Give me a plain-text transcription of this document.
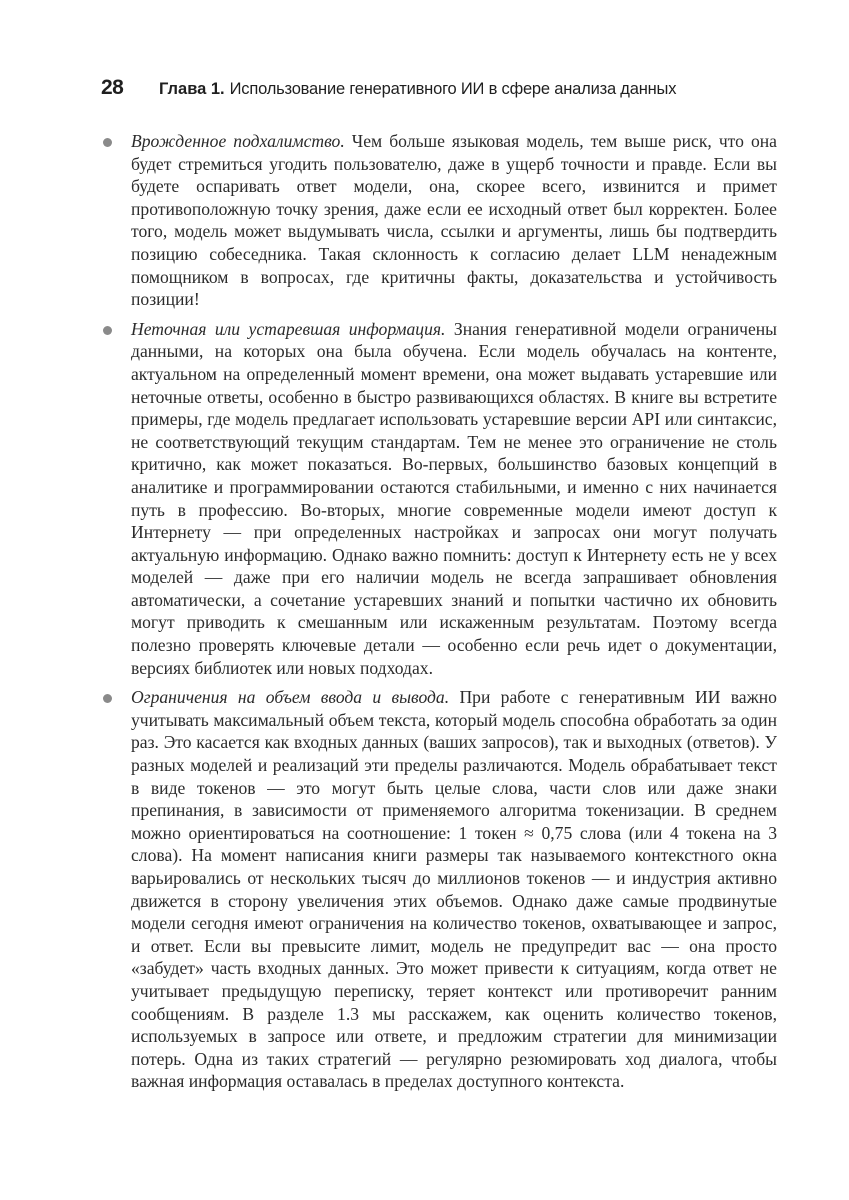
28	Глава 1. Использование генеративного ИИ в сфере анализа данных
Врожденное подхалимство. Чем больше языковая модель, тем выше риск, что она будет стремиться угодить пользователю, даже в ущерб точности и правде. Если вы будете оспаривать ответ модели, она, скорее всего, извинится и примет противоположную точку зрения, даже если ее исходный ответ был корректен. Более того, модель может выдумывать числа, ссылки и аргументы, лишь бы подтвердить позицию собеседника. Такая склонность к согласию делает LLM ненадежным помощником в вопросах, где критичны факты, доказательства и устойчивость позиции!
Неточная или устаревшая информация. Знания генеративной модели ограничены данными, на которых она была обучена. Если модель обучалась на контенте, актуальном на определенный момент времени, она может выдавать устаревшие или неточные ответы, особенно в быстро развивающихся областях. В книге вы встретите примеры, где модель предлагает использовать устаревшие версии API или синтаксис, не соответствующий текущим стандартам. Тем не менее это ограничение не столь критично, как может показаться. Во-первых, большинство базовых концепций в аналитике и программировании остаются стабильными, и именно с них начинается путь в профессию. Во-вторых, многие современные модели имеют доступ к Интернету — при определенных настройках и запросах они могут получать актуальную информацию. Однако важно помнить: доступ к Интернету есть не у всех моделей — даже при его наличии модель не всегда запрашивает обновления автоматически, а сочетание устаревших знаний и попытки частично их обновить могут приводить к смешанным или искаженным результатам. Поэтому всегда полезно проверять ключевые детали — особенно если речь идет о документации, версиях библиотек или новых подходах.
Ограничения на объем ввода и вывода. При работе с генеративным ИИ важно учитывать максимальный объем текста, который модель способна обработать за один раз. Это касается как входных данных (ваших запросов), так и выходных (ответов). У разных моделей и реализаций эти пределы различаются. Модель обрабатывает текст в виде токенов — это могут быть целые слова, части слов или даже знаки препинания, в зависимости от применяемого алгоритма токенизации. В среднем можно ориентироваться на соотношение: 1 токен ≈ 0,75 слова (или 4 токена на 3 слова). На момент написания книги размеры так называемого контекстного окна варьировались от нескольких тысяч до миллионов токенов — и индустрия активно движется в сторону увеличения этих объемов. Однако даже самые продвинутые модели сегодня имеют ограничения на количество токенов, охватывающее и запрос, и ответ. Если вы превысите лимит, модель не предупредит вас — она просто «забудет» часть входных данных. Это может привести к ситуациям, когда ответ не учитывает предыдущую переписку, теряет контекст или противоречит ранним сообщениям. В разделе 1.3 мы расскажем, как оценить количество токенов, используемых в запросе или ответе, и предложим стратегии для минимизации потерь. Одна из таких стратегий — регулярно резюмировать ход диалога, чтобы важная информация оставалась в пределах доступного контекста.
